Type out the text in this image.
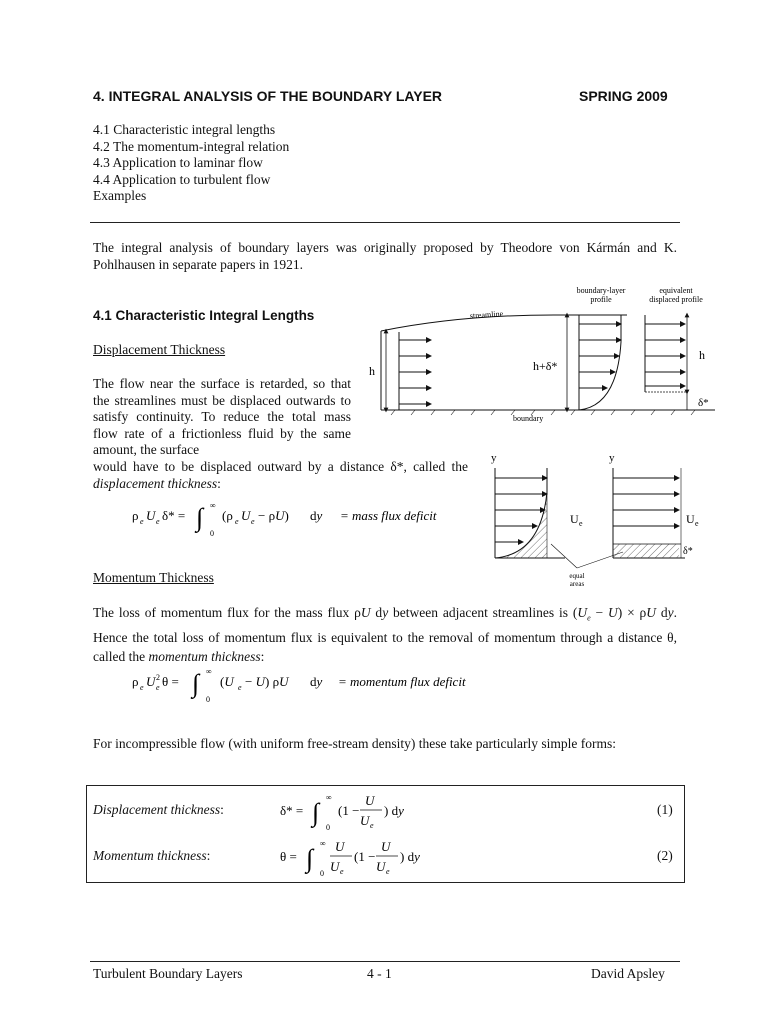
4. INTEGRAL ANALYSIS OF THE BOUNDARY LAYER	SPRING 2009
4.1 Characteristic integral lengths
4.2 The momentum-integral relation
4.3 Application to laminar flow
4.4 Application to turbulent flow
Examples
The integral analysis of boundary layers was originally proposed by Theodore von Kármán and K. Pohlhausen in separate papers in 1921.
4.1 Characteristic Integral Lengths
Displacement Thickness
The flow near the surface is retarded, so that the streamlines must be displaced outwards to satisfy continuity. To reduce the total mass flow rate of a frictionless fluid by the same amount, the surface
would have to be displaced outward by a distance δ*, called the displacement thickness:
ρ e U e δ* = ∫ ∞
0
(ρ e U e − ρU) dy = mass flux deficit
boundary-layer
profile
equivalent
displaced profile
streamline
h
boundary
h+δ*
h
δ*
y
U e
y
U e
δ*
equal
areas
Momentum Thickness
The loss of momentum flux for the mass flux ρU dy between adjacent streamlines is $(U_e - U) \times \rho U$ dy. Hence the total loss of momentum flux is equivalent to the removal of momentum through a distance θ, called the momentum thickness:
ρ e U e
2 θ = ∫ ∞
0
(U e − U) ρU dy = momentum flux deficit
For incompressible flow (with uniform free-stream density) these take particularly simple forms:
Displacement thickness:	δ* = ∫
∞
0
(1 −
U
U e
) dy	(1)
Momentum thickness:	θ = ∫
∞
0
U
U e
(1 −
U
U e
) dy	(2)
Turbulent Boundary Layers	4 - 1	David Apsley
